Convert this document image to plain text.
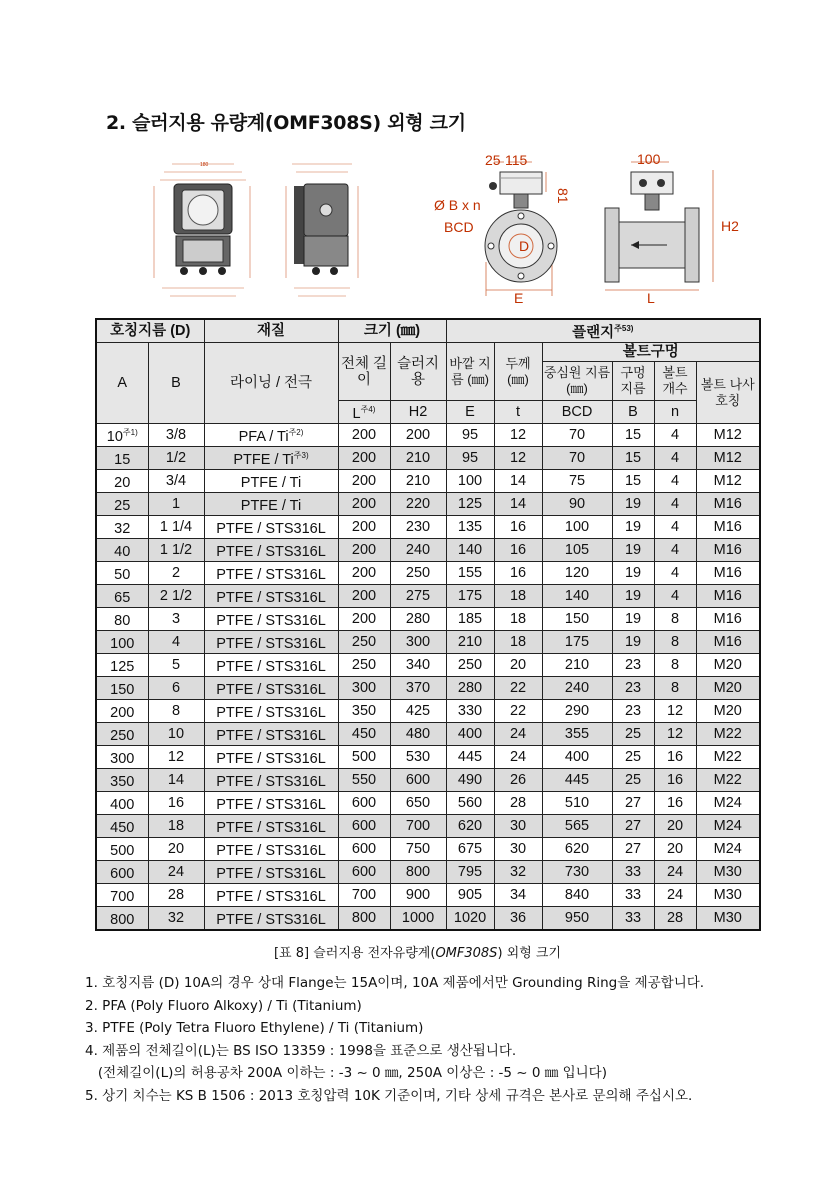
2. 슬러지용 유량계(OMF308S) 외형 크기
180	25 115
81
Ø B x n
BCD
D
E
100
H2
L
호칭지름 (D)		재질	크기 (㎜)		플랜지$^{주53)}$
A	B	라이닝 / 전극	전체 길이	슬러지 용	바깥 지름 (㎜)	두께 (㎜)	볼트구멍			
							중심원 지름(㎜)	구멍 지름	볼트 개수	볼트 나사 호칭
			$L^{주4)}$	H2	E	t	BCD	B	n	
$10^{주1)}$	3/8	PFA / $Ti^{주2)}$	200	200	95	12	70	15	4	M12
15	1/2	PTFE / $Ti^{주3)}$	200	210	95	12	70	15	4	M12
20	3/4	PTFE / Ti	200	210	100	14	75	15	4	M12
25	1	PTFE / Ti	200	220	125	14	90	19	4	M16
32	1 1/4	PTFE / STS316L	200	230	135	16	100	19	4	M16
40	1 1/2	PTFE / STS316L	200	240	140	16	105	19	4	M16
50	2	PTFE / STS316L	200	250	155	16	120	19	4	M16
65	2 1/2	PTFE / STS316L	200	275	175	18	140	19	4	M16
80	3	PTFE / STS316L	200	280	185	18	150	19	8	M16
100	4	PTFE / STS316L	250	300	210	18	175	19	8	M16
125	5	PTFE / STS316L	250	340	250	20	210	23	8	M20
150	6	PTFE / STS316L	300	370	280	22	240	23	8	M20
200	8	PTFE / STS316L	350	425	330	22	290	23	12	M20
250	10	PTFE / STS316L	450	480	400	24	355	25	12	M22
300	12	PTFE / STS316L	500	530	445	24	400	25	16	M22
350	14	PTFE / STS316L	550	600	490	26	445	25	16	M22
400	16	PTFE / STS316L	600	650	560	28	510	27	16	M24
450	18	PTFE / STS316L	600	700	620	30	565	27	20	M24
500	20	PTFE / STS316L	600	750	675	30	620	27	20	M24
600	24	PTFE / STS316L	600	800	795	32	730	33	24	M30
700	28	PTFE / STS316L	700	900	905	34	840	33	24	M30
800	32	PTFE / STS316L	800	1000	1020	36	950	33	28	M30
[표 8] 슬러지용 전자유량계(OMF308S) 외형 크기
1. 호칭지름 (D) 10A의 경우 상대 Flange는 15A이며, 10A 제품에서만 Grounding Ring을 제공합니다.
2. PFA (Poly Fluoro Alkoxy) / Ti (Titanium)
3. PTFE (Poly Tetra Fluoro Ethylene) / Ti (Titanium)
4. 제품의 전체길이(L)는 BS ISO 13359 : 1998을 표준으로 생산됩니다.
(전체길이(L)의 허용공차 200A 이하는 : -3 ~ 0 ㎜, 250A 이상은 : -5 ~ 0 ㎜ 입니다)
5. 상기 치수는 KS B 1506 : 2013 호칭압력 10K 기준이며, 기타 상세 규격은 본사로 문의해 주십시오.
